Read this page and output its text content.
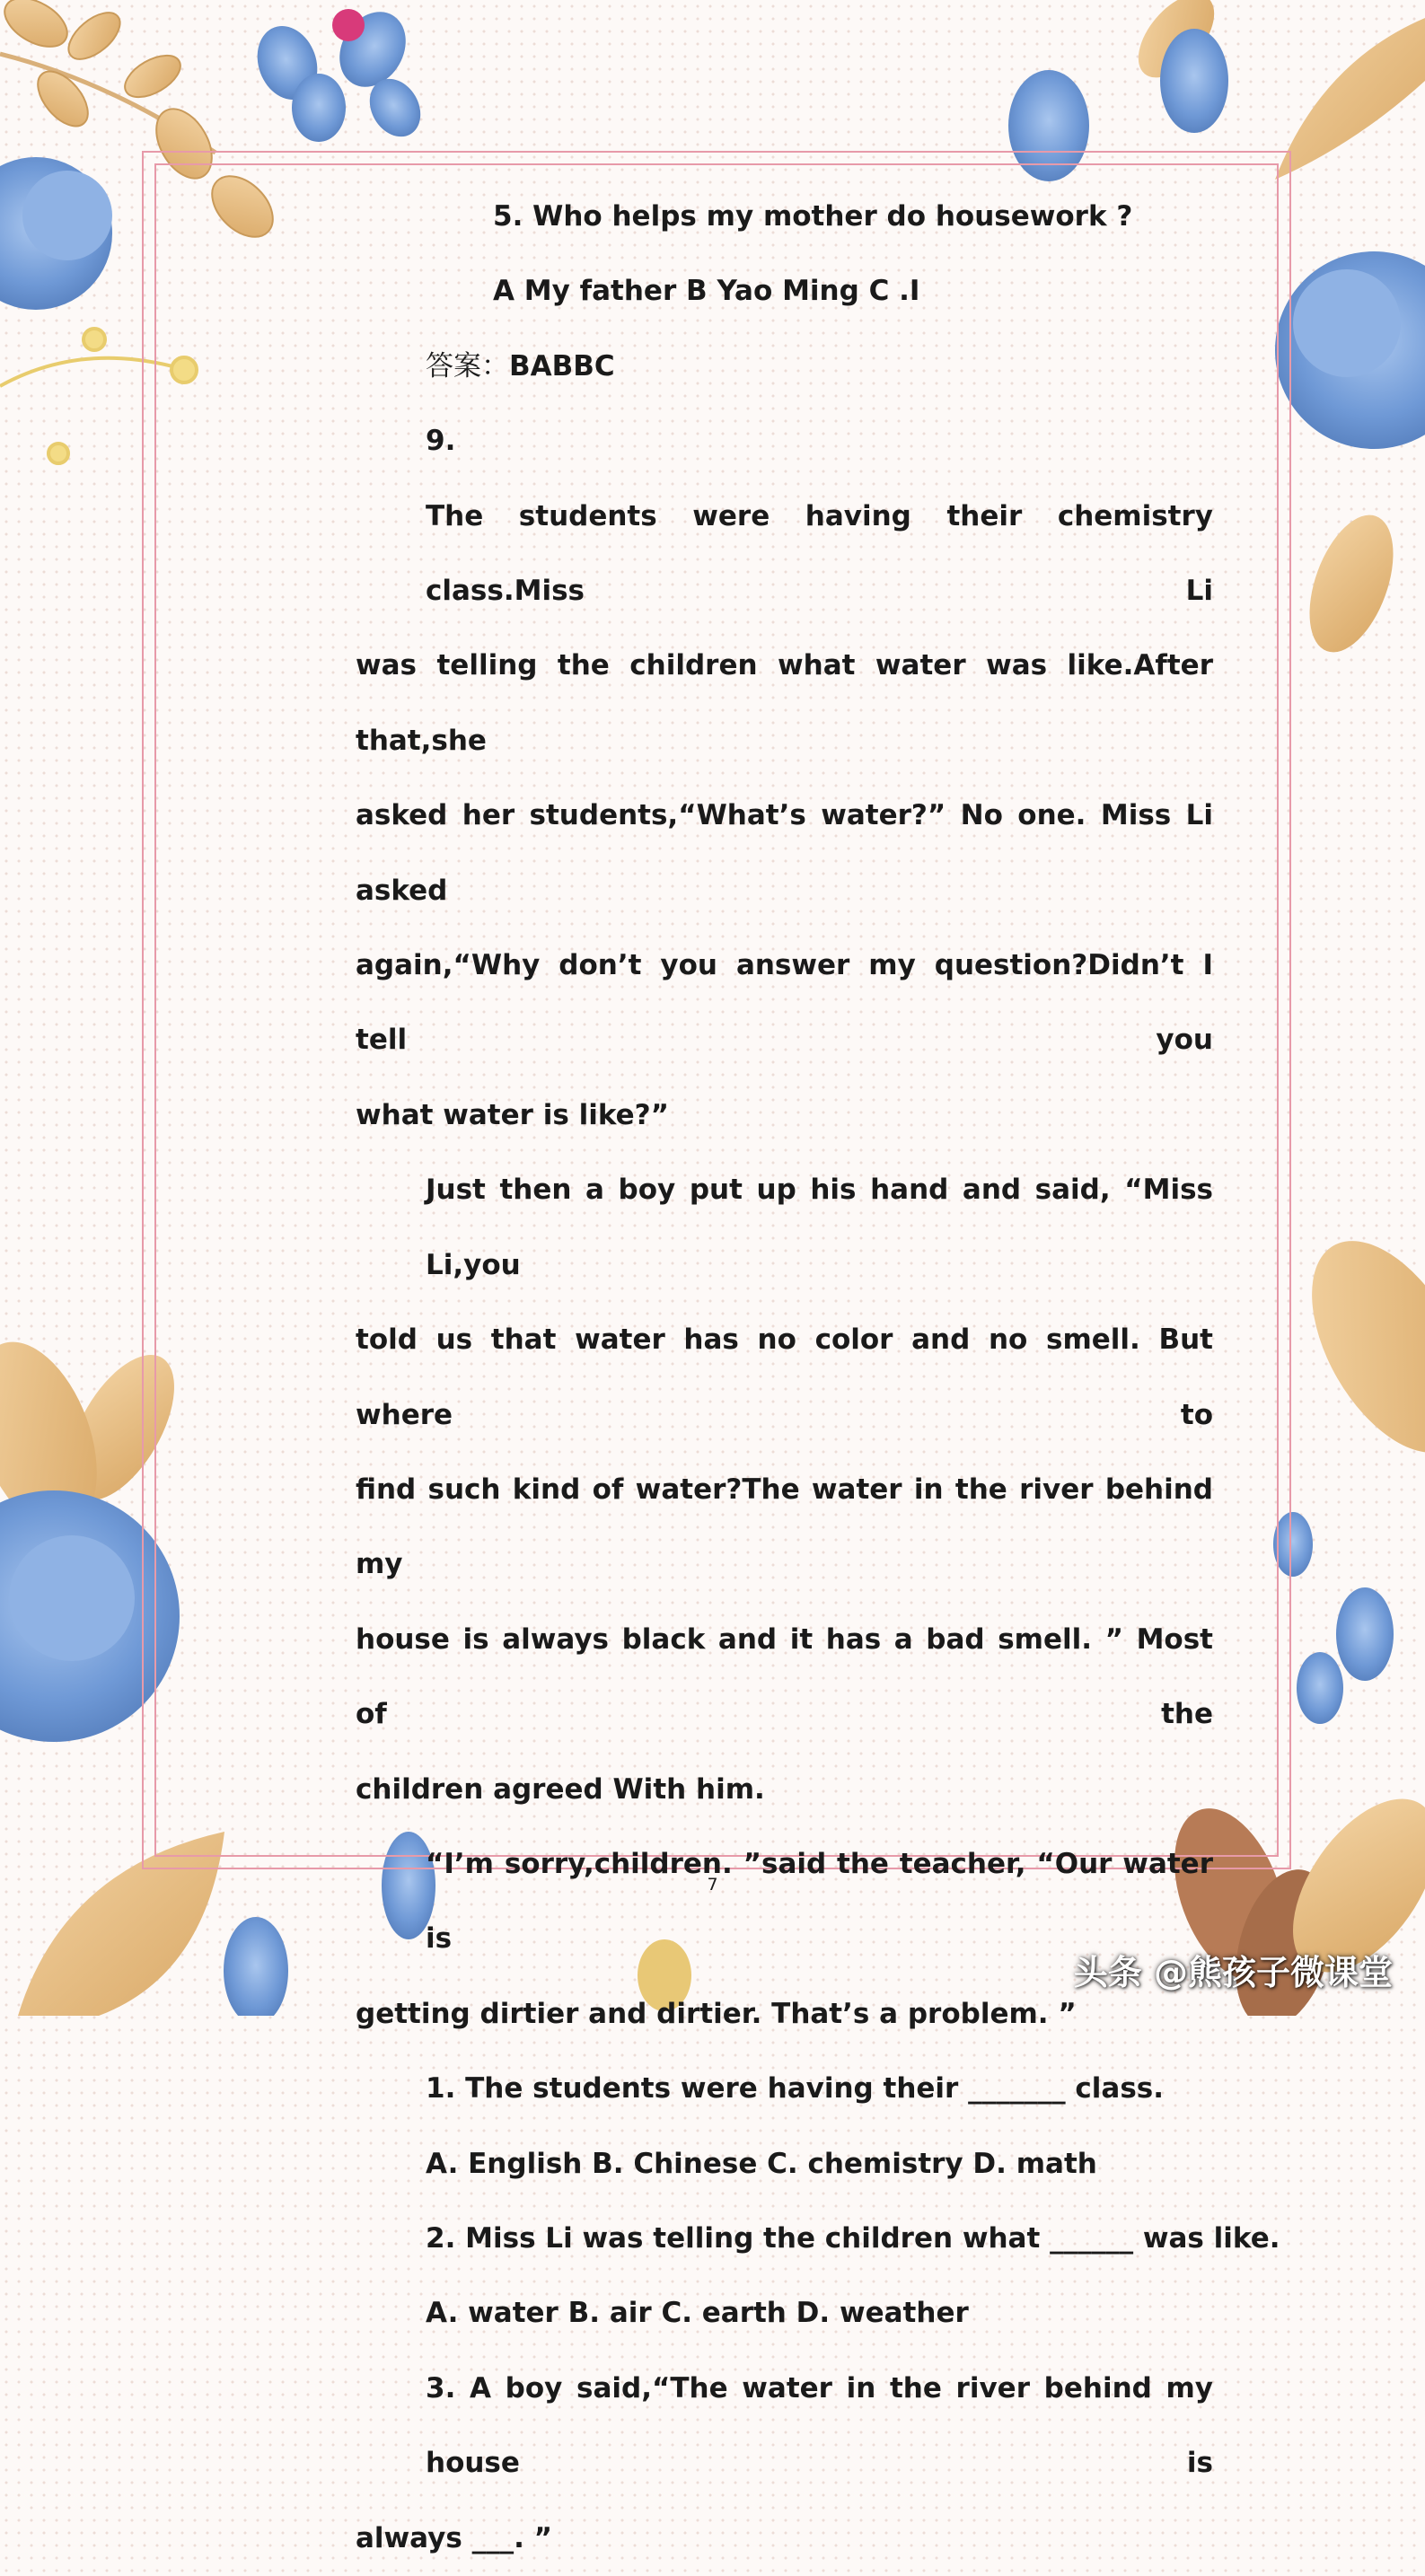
5. Who helps my mother do housework ?
A My father B Yao Ming C .I
答案：BABBC
9.
The students were having their chemistry class.Miss Li
was telling the children what water was like.After that,she
asked her students,“What’s water?” No one. Miss Li asked
again,“Why don’t you answer my question?Didn’t I tell you
what water is like?”
Just then a boy put up his hand and said, “Miss Li,you
told us that water has no color and no smell. But where to
find such kind of water?The water in the river behind my
house is always black and it has a bad smell. ” Most of the
children agreed With him.
“I’m sorry,children. ”said the teacher, “Our water is
getting dirtier and dirtier. That’s a problem. ”
1. The students were having their _______ class.
A. English B. Chinese C. chemistry D. math
2. Miss Li was telling the children what ______ was like.
A. water B. air C. earth D. weather
3. A boy said,“The water in the river behind my house is
always ___. ”
7
头条 @熊孩子微课堂
